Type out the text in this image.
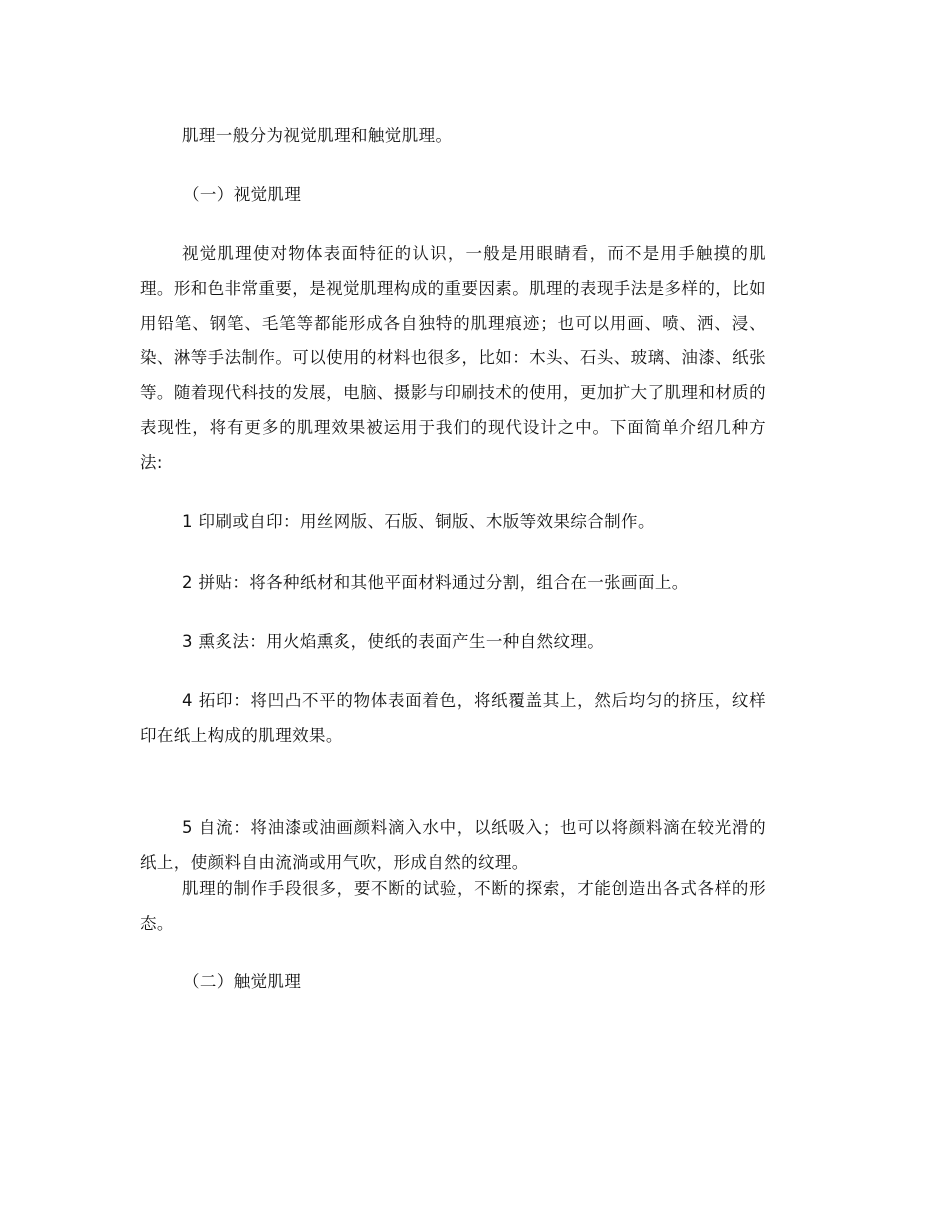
肌理一般分为视觉肌理和触觉肌理。

（一）视觉肌理

视觉肌理使对物体表面特征的认识，一般是用眼睛看，而不是用手触摸的肌理。形和色非常重要，是视觉肌理构成的重要因素。肌理的表现手法是多样的，比如用铅笔、钢笔、毛笔等都能形成各自独特的肌理痕迹；也可以用画、喷、洒、浸、染、淋等手法制作。可以使用的材料也很多，比如：木头、石头、玻璃、油漆、纸张等。随着现代科技的发展，电脑、摄影与印刷技术的使用，更加扩大了肌理和材质的表现性，将有更多的肌理效果被运用于我们的现代设计之中。下面简单介绍几种方法:

1 印刷或自印：用丝网版、石版、铜版、木版等效果综合制作。

2 拼贴：将各种纸材和其他平面材料通过分割，组合在一张画面上。

3 熏炙法：用火焰熏炙，使纸的表面产生一种自然纹理。

4 拓印：将凹凸不平的物体表面着色，将纸覆盖其上，然后均匀的挤压，纹样印在纸上构成的肌理效果。

5 自流：将油漆或油画颜料滴入水中，以纸吸入；也可以将颜料滴在较光滑的纸上，使颜料自由流淌或用气吹，形成自然的纹理。

肌理的制作手段很多，要不断的试验，不断的探索，才能创造出各式各样的形态。

（二）触觉肌理
